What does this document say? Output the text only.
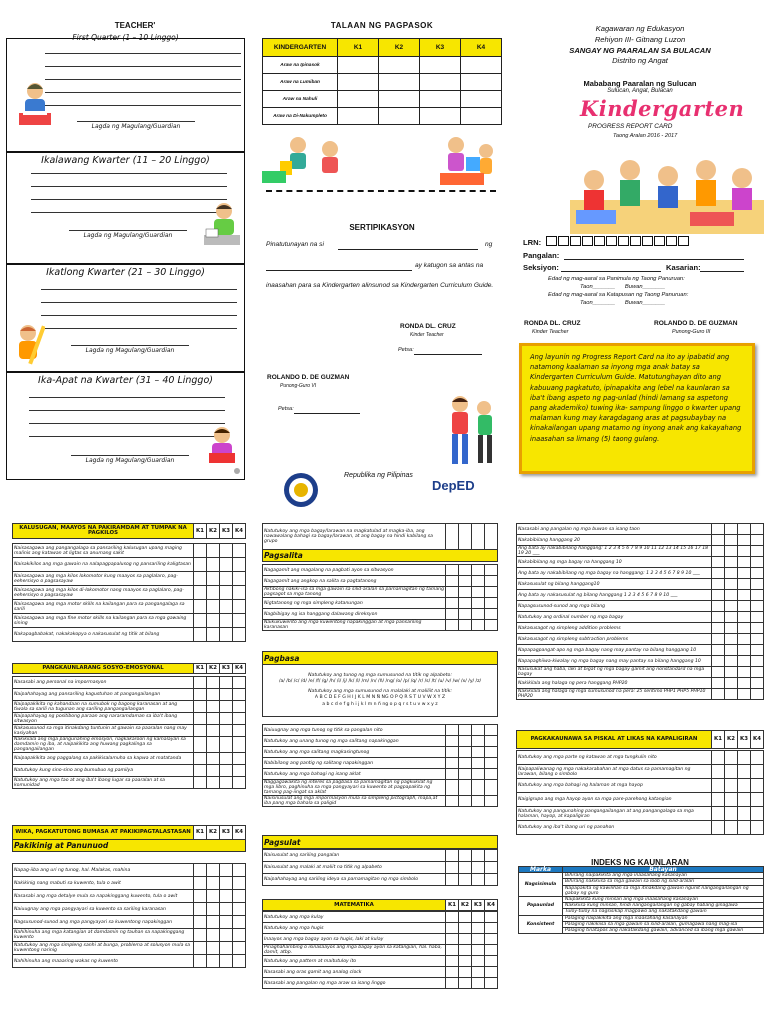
TEACHER'
First Quarter (1 – 10 Linggo)
Lagda ng Magulang/Guardian
Ikalawang Kwarter (11 – 20 Linggo)
Lagda ng Magulang/Guardian
Ikatlong Kwarter (21 – 30 Linggo)
Lagda ng Magulang/Guardian
Ika-Apat na Kwarter (31 – 40 Linggo)
Lagda ng Magulang/Guardian
TALAAN NG PAGPASOK
KINDERGARTEN	K1	K2	K3	K4
Araw na Ipinasok				
Araw na Lumiban				
Araw na Nahuli				
Araw na Di-Nakumpleto				
SERTIPIKASYON
Pinatutunayan na si	ng
ay katugon sa antas na
inaasahan para sa Kindergarten alinsunod sa Kindergarten Curriculum Guide.
RONDA DL. CRUZ
Kinder Teacher
Petsa:
ROLANDO D. DE GUZMAN
Punong-Guro VI
Petsa:
Republika ng Pilipinas
DepED
Kagawaran ng Edukasyon
Rehiyon III- Gitnang Luzon
SANGAY NG PAARALAN SA BULACAN
Distrito ng Angat
Mababang Paaralan ng Sulucan
Sulucan, Angat, Bulacan
Kindergarten
PROGRESS REPORT CARD
Taong Aralan 2016 - 2017
LRN:
Pangalan:
Seksiyon:	Kasarian:
Edad ng mag-aaral sa Panimula ng Taong Panuruan:
Taon_______      Buwan_______
Edad ng mag-aaral sa Katapusan ng Taong Panuruan:
Taon_______      Buwan_______
RONDA DL. CRUZ
Kinder Teacher
ROLANDO D. DE GUZMAN
Punong-Guro III
Ang layunin ng Progress Report Card na ito ay ipabatid ang natamong kaalaman sa inyong mga anak batay sa Kindergarten Curriculum Guide. Matutunghayan dito ang kabuuang pagkatuto, ipinapakita ang lebel na kaunlaran sa iba't ibang aspeto ng pag-unlad (hindi lamang sa aspetong pang akademiko) tuwing ika- sampung linggo o kwarter upang malaman kung may karagdagang aras at pagsubaybay na kinakailangan upang matamo ng inyong anak ang kakayahang inaasahan sa limang (5) taong gulang.
KALUSUGAN, MAAYOS NA PAKIRAMDAM AT TUMPAK NA PAGKILOS	K1	K2	K3	K4
Naisasagawa ang pangangalaga sa pansariling kalusugan upang maging malinis ang katawan at ligtas sa anumang sakit				
Naisakikilos ang mga gawain na nalapagpapalusog ng pansariling kaligtasan				
Naisasagawa ang mga kilos lokomotor kung maayos sa paglalaro, pag-eehersisyo o pagsasayaw				
Naisasagawa ang mga kilos di-lokomotor nang maayos sa paglalaro, pag-eehersisyo o pagsasayaw				
Naisasagawa ang mga motor skills na kailangan para sa pangangalaga sa sarili				
Naisasagawa ang mga fine motor skills na kailangan para sa mga gawaing sining				
Nakapagbabakat, nakakakopya o nakasusulat ng titik at bilang				
PANGKAUNLARANG SOSYO-EMOSYONAL	K1	K2	K3	K4
Nasasabi ang personal na impormasyon				
Naipahahayag ang pansariling kagustuhan at pangangailangan				
Naipapakikita ng kahandaan na sumubok ng bagong karanasan at ang tiwala sa sarili na tugunan ang sariling pangangailangan				
Naipapahayag ng positibong paraan ang nararamdaman sa iba't ibang sitwasyon				
Nakasusunod sa mga itinakdang tuntunin at gawain sa paaralan nang may kasiyahan				
Nakikilala ang mga pangunahing emosyon, nagkakaroon ng kamalayan sa damdamin ng iba, at naipakikita ang huwang pagkalinga sa pangangailangan				
Naipapakikita ang paggalang sa pakikisalamuha sa kapwa at matatanda				
Natutukoy kung sino-sino ang bumubuo ng pamilya				
Natutukoy ang mga tao at ang iba't ibang lugar sa paaralan at sa komunidad				
WIKA, PAGKATUTONG BUMASA AT PAKIKIPAGTALASTASAN	K1	K2	K3	K4
Pakikinig at Panunuod
Napag-iiba ang uri ng tunog, hal. Malakas, mahina				
Nakikinig nang mabuti sa kuwento, tula o awit				
Nasasabi ang mga detalye mula sa napakinggang kuwento, tula o awit				
Naiuugnay ang mga pangyayari sa kuwento sa sariling karanasan				
Nagsusunod-sunod ang mga pangyayari sa kuwentong napakinggan				
Nahihinuha ang mga katangian at damdamin ng tauhan sa napakinggang kuwento				
Natutukoy ang mga simpleng sanhi at bunga, problema at solusyon mula sa kuwentong narinig				
Nahihinuha ang maaaring wakas ng kuwento				
Natutukoy ang mga bagay/larawan na magkatulad at magka-iba, ang nawawalang bahagi sa bagay/larawan, at ang bagay na hindi kabilang sa grupo				
Pagsalita
Nagagamit ang magalang na pagbati ayon sa sitwasyon				
Nagagamit ang angkop na salita sa pagtatanong				
Aktibong nakiki-isa sa mga gawain sa silid-aralan sa pamamagitan ng tamang pagsagot sa mga tanong				
Nigtatanong ng mga simpleng katanungan				
Nagbibigay ng isa hanggang dalawang direksyon				
Naikukuwento ang mga kuwentong napakinggan at mga pansariling karanasan				
Pagbasa

Natutukoy ang tunog ng mga sumusunod na titik ng alpabeto:
/a/ /b/ /c/ /d/ /e/ /f/ /g/ /h/ /i/ /j/ /k/ /l/ /m/ /n/ /ñ/ /ng/ /o/ /p/ /q/ /r/ /s/ /t/ /u/ /v/ /w/ /x/ /y/ /z/
Natutukoy ang mga sumusunod na malalaki at maliliit na titik:
A B C D E F G H I J K L M N Ñ NG O P Q R S T U V W X Y Z
a b c d e f g h i j k l m n ñ ng o p q r s t u v w x y z
Naiuugnay ang mga tunog ng titik sa pangalan nito				
Natutukoy ang unang tunog ng mga salitang napakinggan				
Natutukoy ang mga salitang magkasingtunog				
Nabibilang ang pantig ng salitang napakinggan				
Natutukoy ang mga bahagi ng isang aklat				
Naggagawakita ng interes sa pagbasa sa pamamagitan ng pagkukilat ng mga libro, paghinuha sa mga pangyayari sa kuwento at pagpapakita ng tamang pag-iingat sa aklat				
Naisinusulat ang mga impormasyon mula sa simpleng pictograph, mapa,at iba pang mga bahala sa paligid				
Pagsulat
Naisusulat ang sariling pangalan				
Naisusulat ang malaki at maliit na titik ng alpabeto				
Naipahahayag ang sariling ideya sa pamamagitan ng mga simbolo				
MATEMATIKA	K1	K2	K3	K4
Natutukoy ang mga kulay				
Natutukoy ang mga hugis				
Inaayos ang mga bagay ayon sa hugis, laki at kulay				
Pinaghahambing o isinasaayos ang mga bagay ayon sa katangian, hal. haba, damit, atbp.				
Natutukoy ang pattern at maitutuloy ito				
Nasasabi ang oras gamit ang analog clock				
Nasasabi ang pangalan ng mga araw sa isang linggo				
Nasasabi ang pangalan ng mga buwan sa isang taon				
Nakabibilang hanggang 20				
Ang bata ay nakabibilang hanggang: 1 2 3 4 5 6 7 8 9 10 11 12 13 14 15 16 17 18 19 20 ___				
Nakabibilang ng mga bagay na hanggang 10				
Ang bata ay nakabibilang ng mga bagay na hanggang: 1 2 3 4 5 6 7 8 9 10 ___				
Nakasusulat ng bilang hanggang10				
Ang bata ay nakasusulat ng bilang hanggang 1 2 3 4 5 6 7 8 9 10 ___				
Napagsusunod-sunod ang mga bilang				
Natutukoy ang ordinal number ng mga bagay				
Nakasusagot ng simpleng addition problems				
Nakasusagot ng simpleng subtraction problems				
Napapagpangat-apo ng mga bagay nang may pantay na bilang hanggang 10				
Napapaghiiwa-kiwalay ng mga bagay nang may pantay na bilang hanggang 10				
Nasusukat ang haba, laki at bigat ng mga bagay gamit ang nonstandard na mga bagay				
Nakikilala ang halaga ng pera hanggang PHP20				
Nakikilala ang halaga ng mga sumusunod na pera: 25 sentimo PHP1 PHP5 PHP10 PHP20				
PAGKAKAUNAWA SA PISKAL AT LIKAS NA KAPALIGIRAN	K1	K2	K3	K4
Natutukoy ang mga parte ng katawan at mga tungkulin nito				
Naipapaliwanag ng mga nakakarabahan at mga datus sa pamamagitan ng larawan, bilang o simbolo				
Natutukoy ang mga bahagi ng halaman at mga hayop				
Naigigrupo ang mga hayop ayon sa mga pare-parehong katangian				
Natutukoy ang pangunahing pangangailangan at ang pangangalaga sa mga halaman, hayop, at kapaligiran				
Natutukoy ang iba't ibang uri ng panahon				
INDEKS NG KAUNLARAN
Marka	Batayan
Nagsisimula	Bihirang naipakikita ang mga inaasahang kasanayan
	Bihirang nakikiisa sa mga gawain sa loob ng silid-aralan
	Napapakita ng kawilihan sa mga itinakdang gawain ngunit nangangailangan ng gabay ng guro
Papaunlad	Naipakikita kung minsan ang mga inaasahang kasanayan
	Nakikiisa kung minsan, hindi nangangailangan ng gabay habang ginagawa
	Tuloy-tuloy na nagsisikap magpawo ang nakatakdang gawain
Konsistent	Palaging naipakikita ang mga inaasahang kasanayan
	Palaging nakikiisa sa mga gawain sa silid-aralan, gumagawa nang mag-isa
	Palaging tinatapos ang nakatakdang gawain, advanced sa ibang mga gawain
